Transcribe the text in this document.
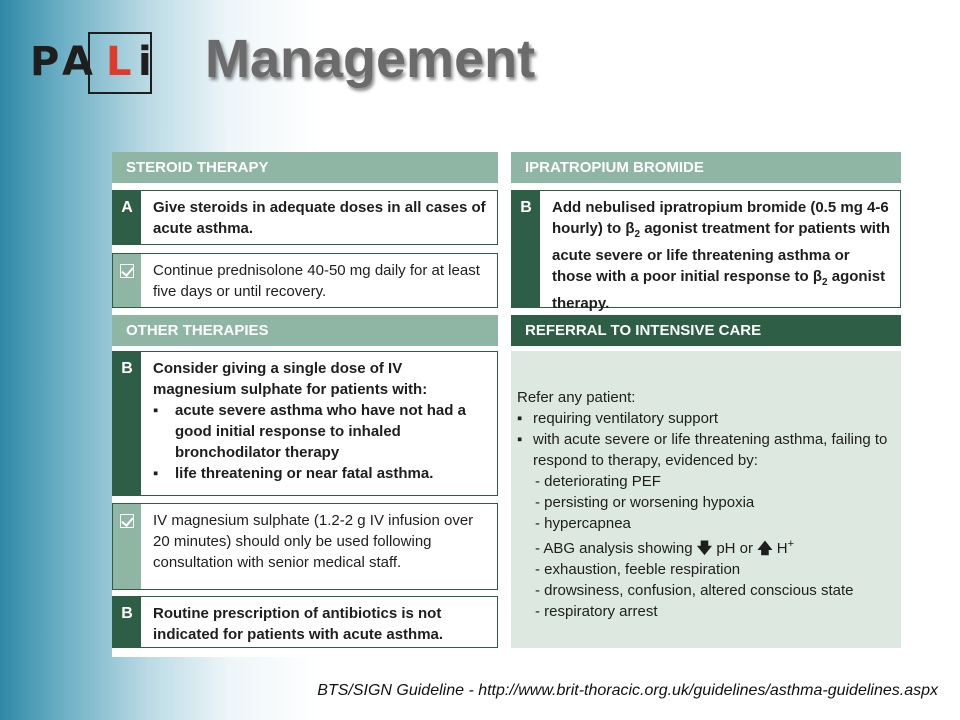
P A L i Management
STEROID THERAPY
A	Give steroids in adequate doses in all cases of acute asthma.
Continue prednisolone 40-50 mg daily for at least five days or until recovery.
IPRATROPIUM BROMIDE
B	Add nebulised ipratropium bromide (0.5 mg 4-6 hourly) to $\beta_2$ agonist treatment for patients with acute severe or life threatening asthma or those with a poor initial response to $\beta_2$ agonist therapy.
OTHER THERAPIES
B	Consider giving a single dose of IV magnesium sulphate for patients with:
▪	acute severe asthma who have not had a good initial response to inhaled bronchodilator therapy
▪	life threatening or near fatal asthma.
IV magnesium sulphate (1.2-2 g IV infusion over 20 minutes) should only be used following consultation with senior medical staff.
B	Routine prescription of antibiotics is not indicated for patients with acute asthma.
REFERRAL TO INTENSIVE CARE
Refer any patient:
▪ requiring ventilatory support
▪ with acute severe or life threatening asthma, failing to respond to therapy, evidenced by:
- deteriorating PEF
- persisting or worsening hypoxia
- hypercapnea
- ABG analysis showing 🡇 pH or 🡅 H+
- exhaustion, feeble respiration
- drowsiness, confusion, altered conscious state
- respiratory arrest
BTS/SIGN Guideline - http://www.brit-thoracic.org.uk/guidelines/asthma-guidelines.aspx
